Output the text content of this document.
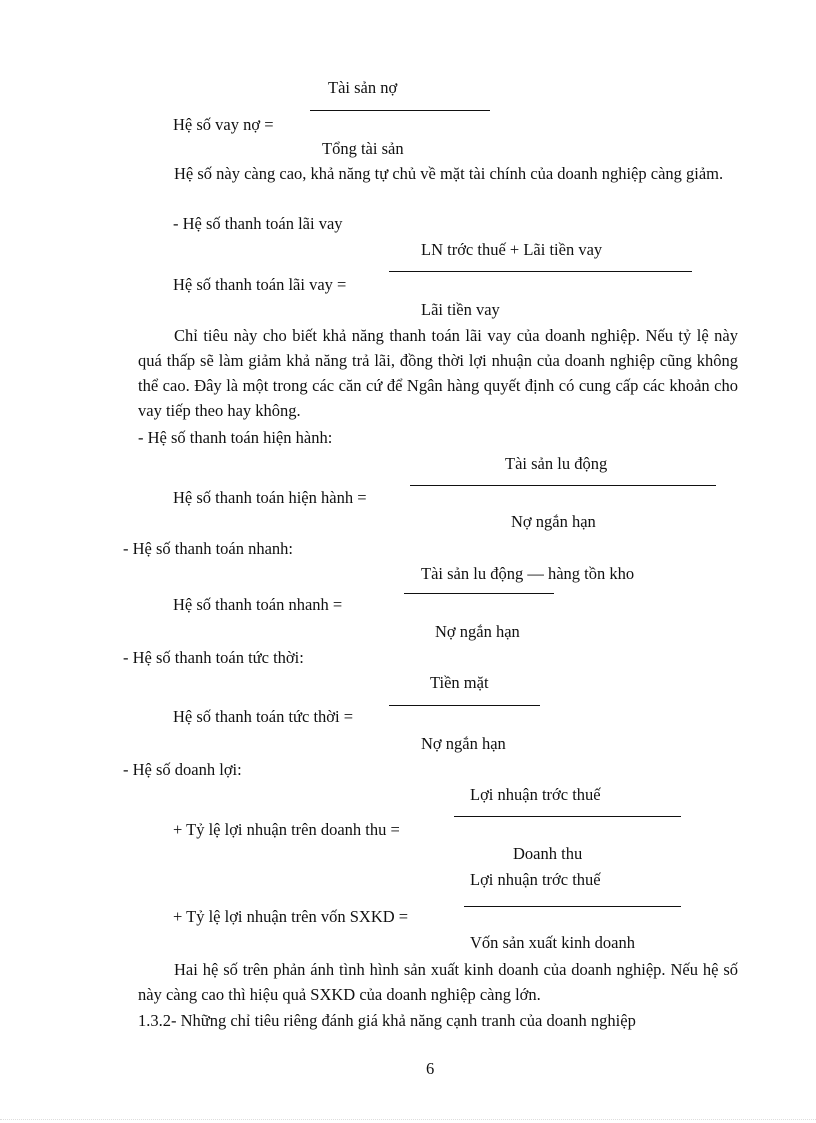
Tài sản nợ
Hệ số vay nợ =
Tổng tài sản
Hệ số này càng cao, khả năng tự chủ về mặt tài chính của doanh nghiệp càng giảm.
- Hệ số thanh toán lãi vay
LN trớc thuế + Lãi tiền vay
Hệ số thanh toán lãi vay =
Lãi tiền vay
Chỉ tiêu này cho biết khả năng thanh toán lãi vay của doanh nghiệp. Nếu tỷ lệ này quá thấp sẽ làm giảm khả năng trả lãi, đồng thời lợi nhuận của doanh nghiệp cũng không thể cao. Đây là một trong các căn cứ để Ngân hàng quyết định có cung cấp các khoản cho vay tiếp theo hay không.
- Hệ số thanh toán hiện hành:
Tài sản lu động
Hệ số thanh toán hiện hành =
Nợ ngắn hạn
- Hệ số thanh toán nhanh:
Tài sản lu động — hàng tồn kho
Hệ số thanh toán nhanh =
Nợ ngắn hạn
- Hệ số thanh toán tức thời:
Tiền mặt
Hệ số thanh toán tức thời =
Nợ ngắn hạn
- Hệ số doanh lợi:
Lợi nhuận trớc thuế
+ Tỷ lệ lợi nhuận trên doanh thu =
Doanh thu
Lợi nhuận trớc thuế
+ Tỷ lệ lợi nhuận trên vốn SXKD =
Vốn sản xuất kinh doanh
Hai hệ số trên phản ánh tình hình sản xuất kinh doanh của doanh nghiệp. Nếu hệ số này càng cao thì hiệu quả SXKD của doanh nghiệp càng lớn.
1.3.2- Những chỉ tiêu riêng đánh giá khả năng cạnh tranh của doanh nghiệp
6
